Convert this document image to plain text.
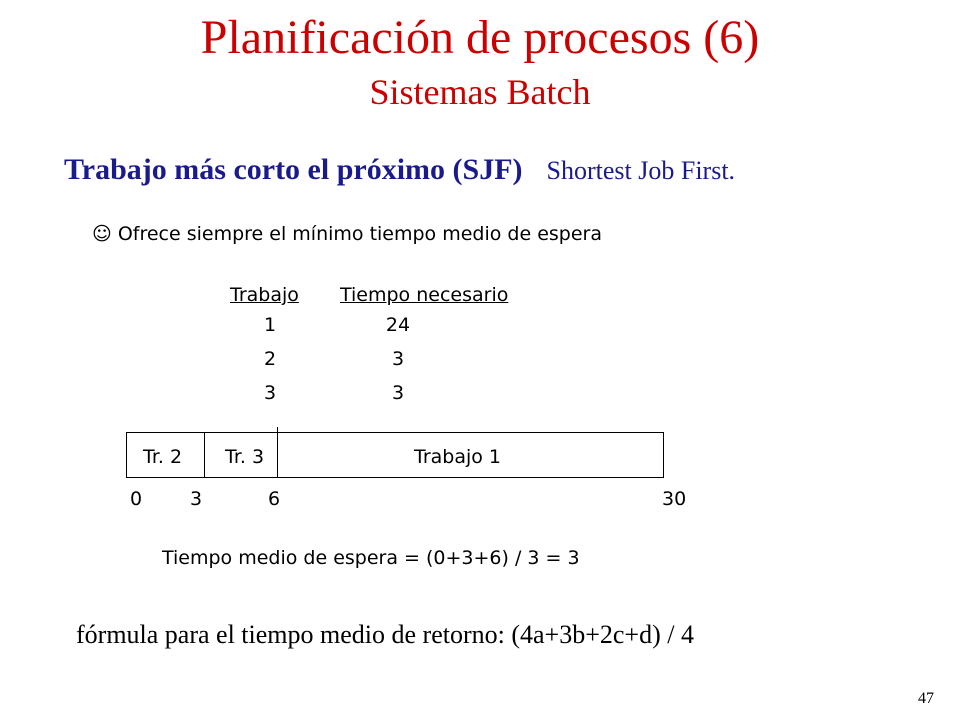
Planificación de procesos (6)
Sistemas Batch
Trabajo más corto el próximo (SJF) Shortest Job First.
☺ Ofrece siempre el mínimo tiempo medio de espera
Trabajo Tiempo necesario
1	24
2	3
3	3
Tr. 2 Tr. 3	Trabajo 1
0	3	6	30
Tiempo medio de espera = (0+3+6) / 3 = 3
fórmula para el tiempo medio de retorno: (4a+3b+2c+d) / 4
47
